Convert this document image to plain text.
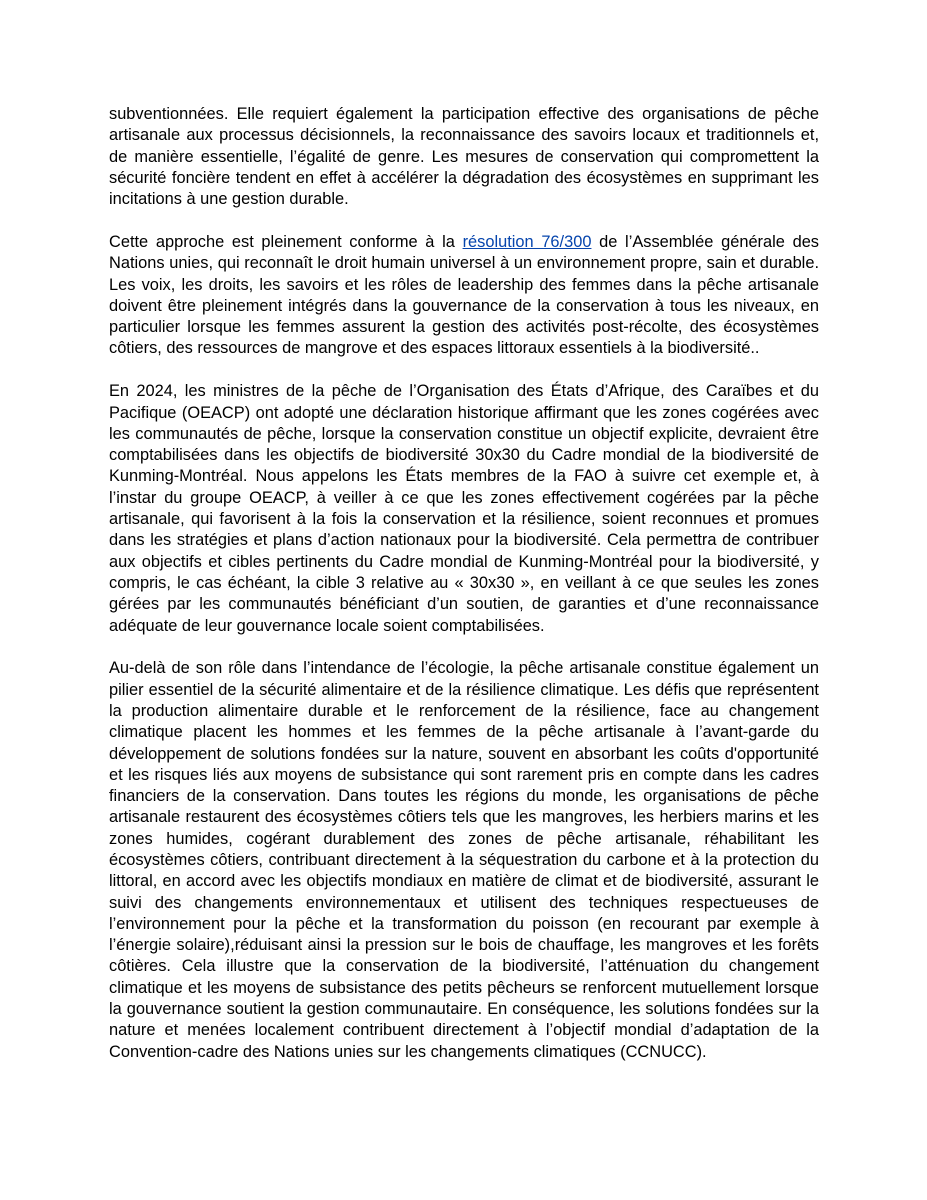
subventionnées. Elle requiert également la participation effective des organisations de pêche artisanale aux processus décisionnels, la reconnaissance des savoirs locaux et traditionnels et, de manière essentielle, l’égalité de genre. Les mesures de conservation qui compromettent la sécurité foncière tendent en effet à accélérer la dégradation des écosystèmes en supprimant les incitations à une gestion durable.

Cette approche est pleinement conforme à la résolution 76/300 de l’Assemblée générale des Nations unies, qui reconnaît le droit humain universel à un environnement propre, sain et durable. Les voix, les droits, les savoirs et les rôles de leadership des femmes dans la pêche artisanale doivent être pleinement intégrés dans la gouvernance de la conservation à tous les niveaux, en particulier lorsque les femmes assurent la gestion des activités post-récolte, des écosystèmes côtiers, des ressources de mangrove et des espaces littoraux essentiels à la biodiversité..

En 2024, les ministres de la pêche de l’Organisation des États d’Afrique, des Caraïbes et du Pacifique (OEACP) ont adopté une déclaration historique affirmant que les zones cogérées avec les communautés de pêche, lorsque la conservation constitue un objectif explicite, devraient être comptabilisées dans les objectifs de biodiversité 30x30 du Cadre mondial de la biodiversité de Kunming-Montréal. Nous appelons les États membres de la FAO à suivre cet exemple et, à l’instar du groupe OEACP, à veiller à ce que les zones effectivement cogérées par la pêche artisanale, qui favorisent à la fois la conservation et la résilience, soient reconnues et promues dans les stratégies et plans d’action nationaux pour la biodiversité. Cela permettra de contribuer aux objectifs et cibles pertinents du Cadre mondial de Kunming-Montréal pour la biodiversité, y compris, le cas échéant, la cible 3 relative au « 30x30 », en veillant à ce que seules les zones gérées par les communautés bénéficiant d’un soutien, de garanties et d’une reconnaissance adéquate de leur gouvernance locale soient comptabilisées.

Au-delà de son rôle dans l’intendance de l’écologie, la pêche artisanale constitue également un pilier essentiel de la sécurité alimentaire et de la résilience climatique. Les défis que représentent la production alimentaire durable et le renforcement de la résilience, face au changement climatique placent les hommes et les femmes de la pêche artisanale à l’avant-garde du développement de solutions fondées sur la nature, souvent en absorbant les coûts d'opportunité et les risques liés aux moyens de subsistance qui sont rarement pris en compte dans les cadres financiers de la conservation. Dans toutes les régions du monde, les organisations de pêche artisanale restaurent des écosystèmes côtiers tels que les mangroves, les herbiers marins et les zones humides, cogérant durablement des zones de pêche artisanale, réhabilitant les écosystèmes côtiers, contribuant directement à la séquestration du carbone et à la protection du littoral, en accord avec les objectifs mondiaux en matière de climat et de biodiversité, assurant le suivi des changements environnementaux et utilisent des techniques respectueuses de l’environnement pour la pêche et la transformation du poisson (en recourant par exemple à l’énergie solaire),réduisant ainsi la pression sur le bois de chauffage, les mangroves et les forêts côtières. Cela illustre que la conservation de la biodiversité, l’atténuation du changement climatique et les moyens de subsistance des petits pêcheurs se renforcent mutuellement lorsque la gouvernance soutient la gestion communautaire. En conséquence, les solutions fondées sur la nature et menées localement contribuent directement à l’objectif mondial d’adaptation de la Convention-cadre des Nations unies sur les changements climatiques (CCNUCC).
